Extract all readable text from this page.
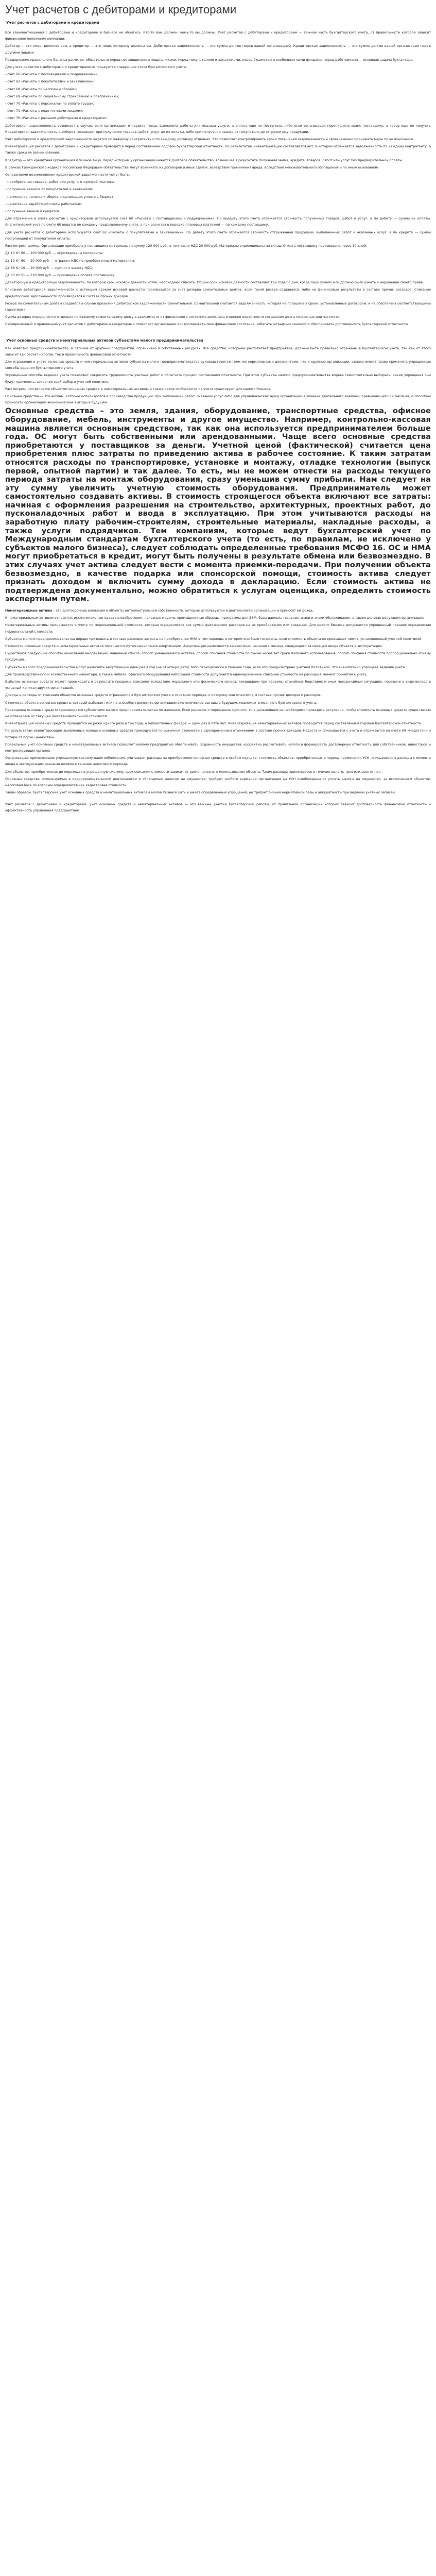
Учет расчетов с дебиторами и кредиторами
Учет расчетов с дебиторами и кредиторами

Все взаимоотношения с дебиторами и кредиторами в бизнесе не обойтись. Кто-то вам должен, кому-то вы должны. Учет расчетов с дебиторами и кредиторами — важная часть бухгалтерского учета, от правильности которой зависит финансовое положение компании.

Дебитор — это лицо, должное вам, а кредитор — это лицо, которому должны вы. Дебиторская задолженность — это сумма долгов перед вашей организацией. Кредиторская задолженность — это сумма долгов вашей организации перед другими лицами.

Поддержание правильного баланса расчетов: обязательств перед поставщиками и подрядчиками, перед покупателями и заказчиками, перед бюджетом и внебюджетными фондами, перед работниками — основная задача бухгалтера.

Для учета расчетов с дебиторами и кредиторами используются следующие счета бухгалтерского учета:

- счет 60 «Расчеты с поставщиками и подрядчиками»;

- счет 62 «Расчеты с покупателями и заказчиками»;

- счет 68 «Расчеты по налогам и сборам»;

- счет 69 «Расчеты по социальному страхованию и обеспечению»;

- счет 70 «Расчеты с персоналом по оплате труда»;

- счет 71 «Расчеты с подотчетными лицами»;

- счет 76 «Расчеты с разными дебиторами и кредиторами».

Дебиторская задолженность возникает в случае, если организация отгрузила товар, выполнила работы или оказала услуги, а оплата еще не поступила, либо если организация перечислила аванс поставщику, а товар еще не получен. Кредиторская задолженность, наоборот, возникает при получении товаров, работ, услуг до их оплаты, либо при получении аванса от покупателя до отгрузки ему продукции.

Учет дебиторской и кредиторской задолженности ведется по каждому контрагенту и по каждому договору отдельно. Это позволяет контролировать сроки погашения задолженности и своевременно принимать меры по ее взысканию.

Инвентаризация расчетов с дебиторами и кредиторами проводится перед составлением годовой бухгалтерской отчетности. По результатам инвентаризации составляется акт, в котором отражается задолженность по каждому контрагенту, а также сроки ее возникновения.

Кредитор — это кредитная организация или иное лицо, перед которым у организации имеется долговое обязательство, возникшее в результате получения займа, кредита, товаров, работ или услуг без предварительной оплаты.

В рамках Гражданского кодекса Российской Федерации обязательства могут возникать из договоров и иных сделок, вследствие причинения вреда, вследствие неосновательного обогащения и по иным основаниям.

Основаниями возникновения кредиторской задолженности могут быть:

- приобретение товаров, работ или услуг с отсрочкой платежа;

- получение авансов от покупателей и заказчиков;

- начисление налогов и сборов, подлежащих уплате в бюджет;

- начисление заработной платы работникам;

- получение займов и кредитов.

Для отражения в учете расчетов с кредиторами используется счет 60 «Расчеты с поставщиками и подрядчиками». По кредиту этого счета отражается стоимость полученных товаров, работ и услуг, а по дебету — суммы их оплаты. Аналитический учет по счету 60 ведется по каждому предъявленному счету, а при расчетах в порядке плановых платежей — по каждому поставщику.

Для учета расчетов с дебиторами используется счет 62 «Расчеты с покупателями и заказчиками». По дебету этого счета отражается стоимость отгруженной продукции, выполненных работ и оказанных услуг, а по кредиту — суммы поступившей от покупателей оплаты.

Рассмотрим пример. Организация приобрела у поставщика материалы на сумму 120 000 руб., в том числе НДС 20 000 руб. Материалы оприходованы на склад. Оплата поставщику произведена через 10 дней.

Дт 10 Кт 60 — 100 000 руб. — оприходованы материалы;

Дт 19 Кт 60 — 20 000 руб. — отражен НДС по приобретенным материалам;

Дт 68 Кт 19 — 20 000 руб. — принят к вычету НДС;

Дт 60 Кт 51 — 120 000 руб. — произведена оплата поставщику.

Дебиторскую и кредиторскую задолженность, по которой срок исковой давности истек, необходимо списать. Общий срок исковой давности составляет три года со дня, когда лицо узнало или должно было узнать о нарушении своего права.

Списание дебиторской задолженности с истекшим сроком исковой давности производится за счет резерва сомнительных долгов, если такой резерв создавался, либо на финансовые результаты в составе прочих расходов. Списание кредиторской задолженности производится в составе прочих доходов.

Резерв по сомнительным долгам создается в случае признания дебиторской задолженности сомнительной. Сомнительной считается задолженность, которая не погашена в сроки, установленные договором, и не обеспечена соответствующими гарантиями.

Сумма резерва определяется отдельно по каждому сомнительному долгу в зависимости от финансового состояния должника и оценки вероятности погашения долга полностью или частично.

Своевременный и правильный учет расчетов с дебиторами и кредиторами позволяет организации контролировать свое финансовое состояние, избегать штрафных санкций и обеспечивать достоверность бухгалтерской отчетности.

Учет основных средств и нематериальных активов субъектами малого предпринимательства

Как известно предпринимательство, в отличие от крупных предприятий, ограничено в собственных ресурсах. Все средства, которыми располагает предприятие, должны быть правильно отражены в бухгалтерском учете, так как от этого зависит как расчет налогов, так и правильность финансовой отчетности.

Для отражения в учете основных средств и нематериальных активов субъекты малого предпринимательства руководствуются теми же нормативными документами, что и крупные организации, однако имеют право применять упрощенные способы ведения бухгалтерского учета.

Упрощенные способы ведения учета позволяют сократить трудоемкость учетных работ и облегчить процесс составления отчетности. При этом субъекты малого предпринимательства вправе самостоятельно выбирать, какие упрощения они будут применять, закрепив свой выбор в учетной политике.

Рассмотрим, что является объектом основных средств и нематериальных активов, а также какие особенности их учета существуют для малого бизнеса.

Основные средства — это активы, которые используются в производстве продукции, при выполнении работ, оказании услуг либо для управленческих нужд организации в течение длительного времени, превышающего 12 месяцев, и способны приносить организации экономические выгоды в будущем.

Основные средства – это земля, здания, оборудование, транспортные средства, офисное оборудование, мебель, инструменты и другое имущество. Например, контрольно-кассовая машина является основным средством, так как она используется предпринимателем больше года. ОС могут быть собственными или арендованными. Чаще всего основные средства приобретаются у поставщиков за деньги. Учетной ценой (фактической) считается цена приобретения плюс затраты по приведению актива в рабочее состояние. К таким затратам относятся расходы по транспортировке, установке и монтажу, отладке технологии (выпуск первой, опытной партии) и так далее. То есть, мы не можем отнести на расходы текущего периода затраты на монтаж оборудования, сразу уменьшив сумму прибыли. Нам следует на эту сумму увеличить учетную стоимость оборудования. Предприниматель может самостоятельно создавать активы. В стоимость строящегося объекта включают все затраты: начиная с оформления разрешения на строительство, архитектурных, проектных работ, до пусконаладочных работ и ввода в эксплуатацию. При этом учитываются расходы на заработную плату рабочим-строителям, строительные материалы, накладные расходы, а также услуги подрядчиков. Тем компаниям, которые ведут бухгалтерский учет по Международным стандартам бухгалтерского учета (то есть, по правилам, не исключено у субъектов малого бизнеса), следует соблюдать определенные требования МСФО 16. ОС и НМА могут приобретаться в кредит, могут быть получены в результате обмена или безвозмездно. В этих случаях учет актива следует вести с момента приемки-передачи. При получении объекта безвозмездно, в качестве подарка или спонсорской помощи, стоимость актива следует признать доходом и включить сумму дохода в декларацию. Если стоимость актива не подтверждена документально, можно обратиться к услугам оценщика, определить стоимость экспертным путем.

Нематериальные активы – это долгосрочные вложения в объекты интеллектуальной собственности, которые используются в деятельности организации и приносят ей доход.

К нематериальным активам относятся: исключительные права на изобретения, полезные модели, промышленные образцы, программы для ЭВМ, базы данных, товарные знаки и знаки обслуживания, а также деловая репутация организации.

Нематериальные активы принимаются к учету по первоначальной стоимости, которая определяется как сумма фактических расходов на их приобретение или создание. Для малого бизнеса допускается упрощенный порядок определения первоначальной стоимости.

Субъекты малого предпринимательства вправе признавать в составе расходов затраты на приобретение НМА в том периоде, в котором они были понесены, если стоимость объекта не превышает лимит, установленный учетной политикой.

Стоимость основных средств и нематериальных активов погашается путем начисления амортизации. Амортизация начисляется ежемесячно, начиная с месяца, следующего за месяцем ввода объекта в эксплуатацию.

Существуют следующие способы начисления амортизации: линейный способ, способ уменьшаемого остатка, способ списания стоимости по сумме чисел лет срока полезного использования, способ списания стоимости пропорционально объему продукции.

Субъекты малого предпринимательства могут начислять амортизацию один раз в год (на отчетную дату) либо периодически в течение года, если это предусмотрено учетной политикой. Это значительно упрощает ведение учета.

Для производственного и хозяйственного инвентаря, а также мебели, офисного оборудования небольшой стоимости допускается единовременное списание стоимости на расходы в момент принятия к учету.

Выбытие основных средств может происходить в результате продажи, списания вследствие морального или физического износа, ликвидации при авариях, стихийных бедствиях и иных чрезвычайных ситуациях, передачи в виде вклада в уставный капитал других организаций.

Доходы и расходы от списания объектов основных средств отражаются в бухгалтерском учете в отчетном периоде, к которому они относятся, в составе прочих доходов и расходов.

Стоимость объекта основных средств, который выбывает или не способен приносить организации экономические выгоды в будущем, подлежит списанию с бухгалтерского учета.

Переоценка основных средств производится субъектами малого предпринимательства по желанию. Если решение о переоценке принято, то в дальнейшем ее необходимо проводить регулярно, чтобы стоимость основных средств существенно не отличалась от текущей (восстановительной) стоимости.

Инвентаризация основных средств проводится не реже одного раза в три года, а библиотечных фондов — один раз в пять лет. Инвентаризация нематериальных активов проводится перед составлением годовой бухгалтерской отчетности.

По результатам инвентаризации выявленные излишки основных средств приходуются по рыночной стоимости с одновременным отражением в составе прочих доходов. Недостачи списываются с учета и отражаются на счете 94 «Недостачи и потери от порчи ценностей».

Правильный учет основных средств и нематериальных активов позволяет малому предприятию обеспечивать сохранность имущества, корректно рассчитывать налоги и формировать достоверную отчетность для собственников, инвесторов и контролирующих органов.

Организации, применяющие упрощенную систему налогообложения, учитывают расходы на приобретение основных средств в особом порядке: стоимость объектов, приобретенных в период применения УСН, списывается в расходы с момента ввода в эксплуатацию равными долями в течение налогового периода.

Для объектов, приобретенных до перехода на упрощенную систему, срок списания стоимости зависит от срока полезного использования объекта. Такие расходы принимаются в течение одного, трех или десяти лет.

Основные средства, используемые в предпринимательской деятельности и облагаемые налогом на имущество, требуют особого внимания: организации на УСН освобождены от уплаты налога на имущество, за исключением объектов, налоговая база по которым определяется как кадастровая стоимость.

Таким образом, бухгалтерский учет основных средств и нематериальных активов в малом бизнесе хоть и имеет определенные упрощения, но требует знания нормативной базы и аккуратности при ведении учетных записей.

Учет расчетов с дебиторами и кредиторами, учет основных средств и нематериальных активов — это важные участки бухгалтерской работы, от правильной организации которых зависит достоверность финансовой отчетности и эффективность управления предприятием.
